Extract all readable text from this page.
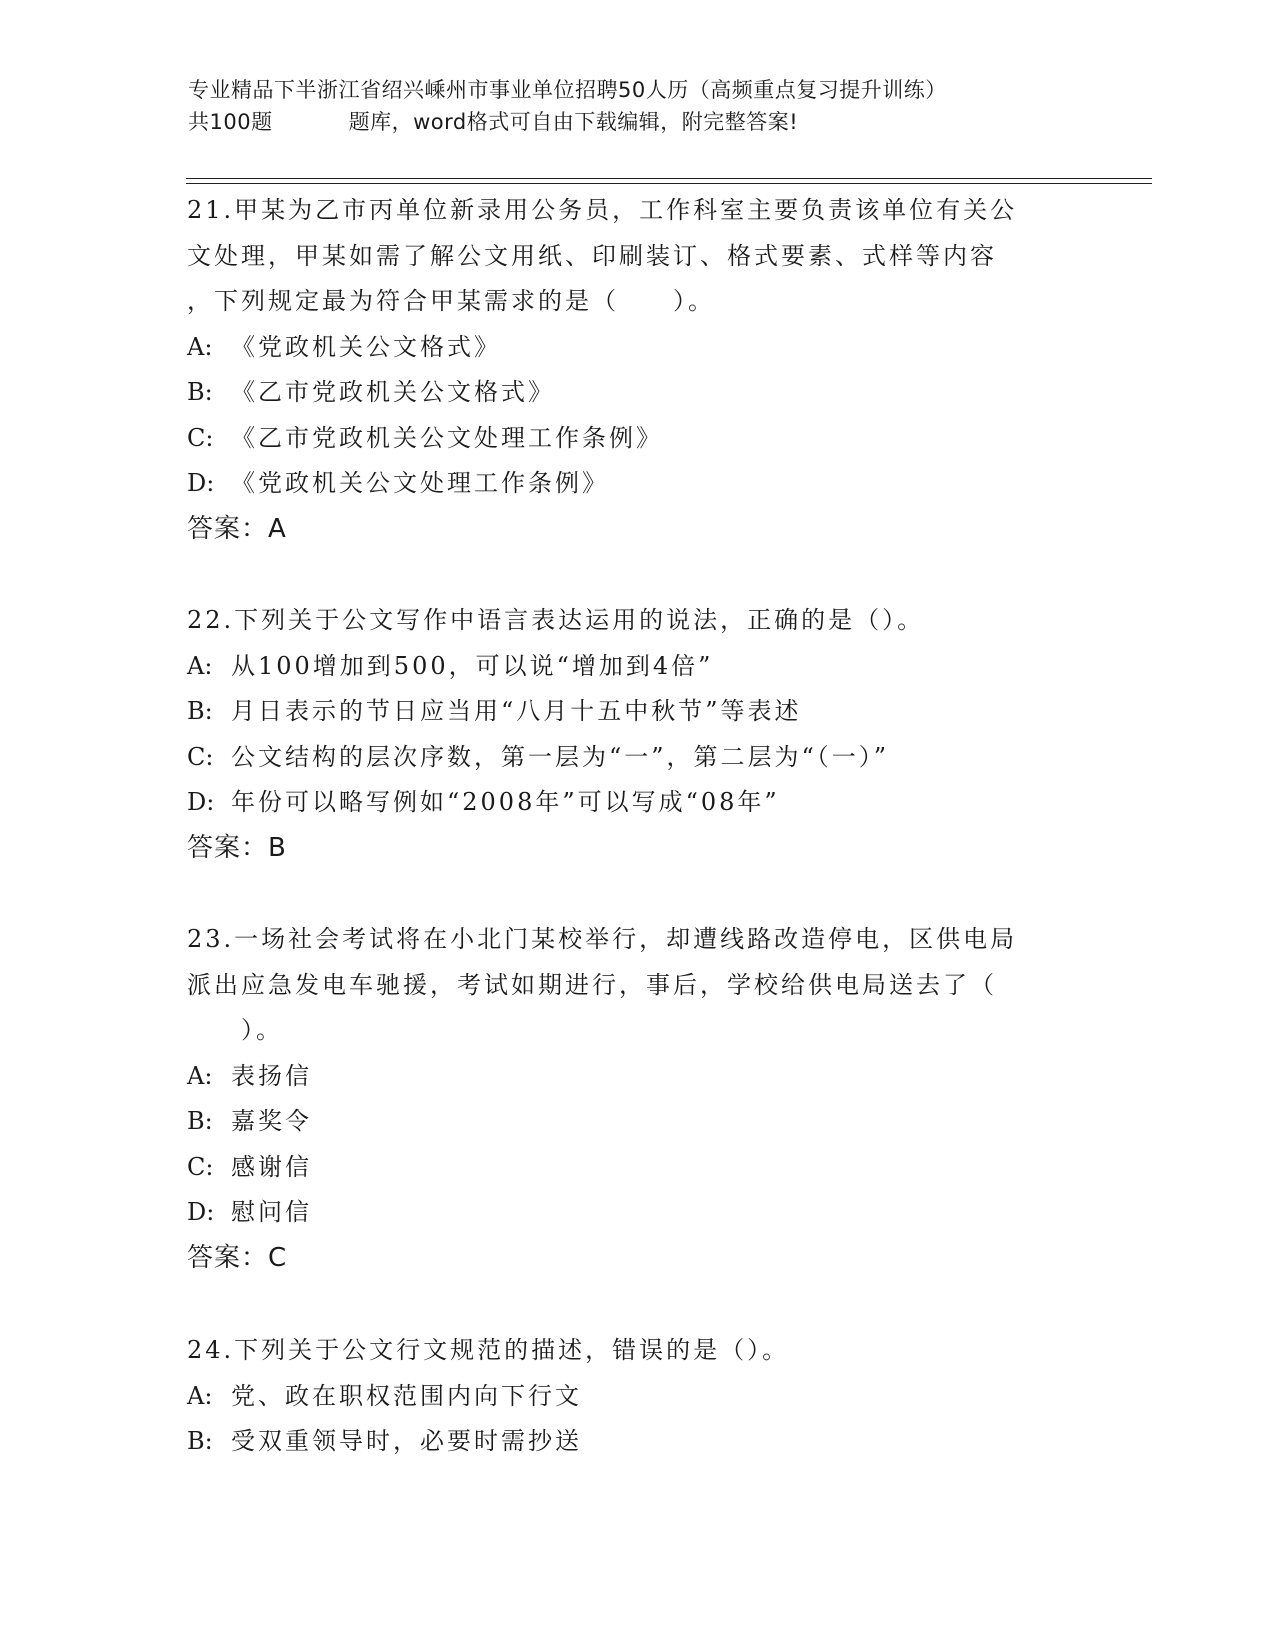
专业精品下半浙江省绍兴嵊州市事业单位招聘50人历（高频重点复习提升训练）
共100题	题库，word格式可自由下载编辑，附完整答案!
21.甲某为乙市丙单位新录用公务员，工作科室主要负责该单位有关公
文处理，甲某如需了解公文用纸、印刷装订、格式要素、式样等内容
，下列规定最为符合甲某需求的是（　　）。
A: 《党政机关公文格式》
B: 《乙市党政机关公文格式》
C: 《乙市党政机关公文处理工作条例》
D: 《党政机关公文处理工作条例》
答案：A
22.下列关于公文写作中语言表达运用的说法，正确的是（）。
A: 从100增加到500，可以说“增加到4倍”
B: 月日表示的节日应当用“八月十五中秋节”等表述
C: 公文结构的层次序数，第一层为“一”，第二层为“（一）”
D: 年份可以略写例如“2008年”可以写成“08年”
答案：B
23.一场社会考试将在小北门某校举行，却遭线路改造停电，区供电局
派出应急发电车驰援，考试如期进行，事后，学校给供电局送去了（
）。
A: 表扬信
B: 嘉奖令
C: 感谢信
D: 慰问信
答案：C
24.下列关于公文行文规范的描述，错误的是（）。
A: 党、政在职权范围内向下行文
B: 受双重领导时，必要时需抄送
